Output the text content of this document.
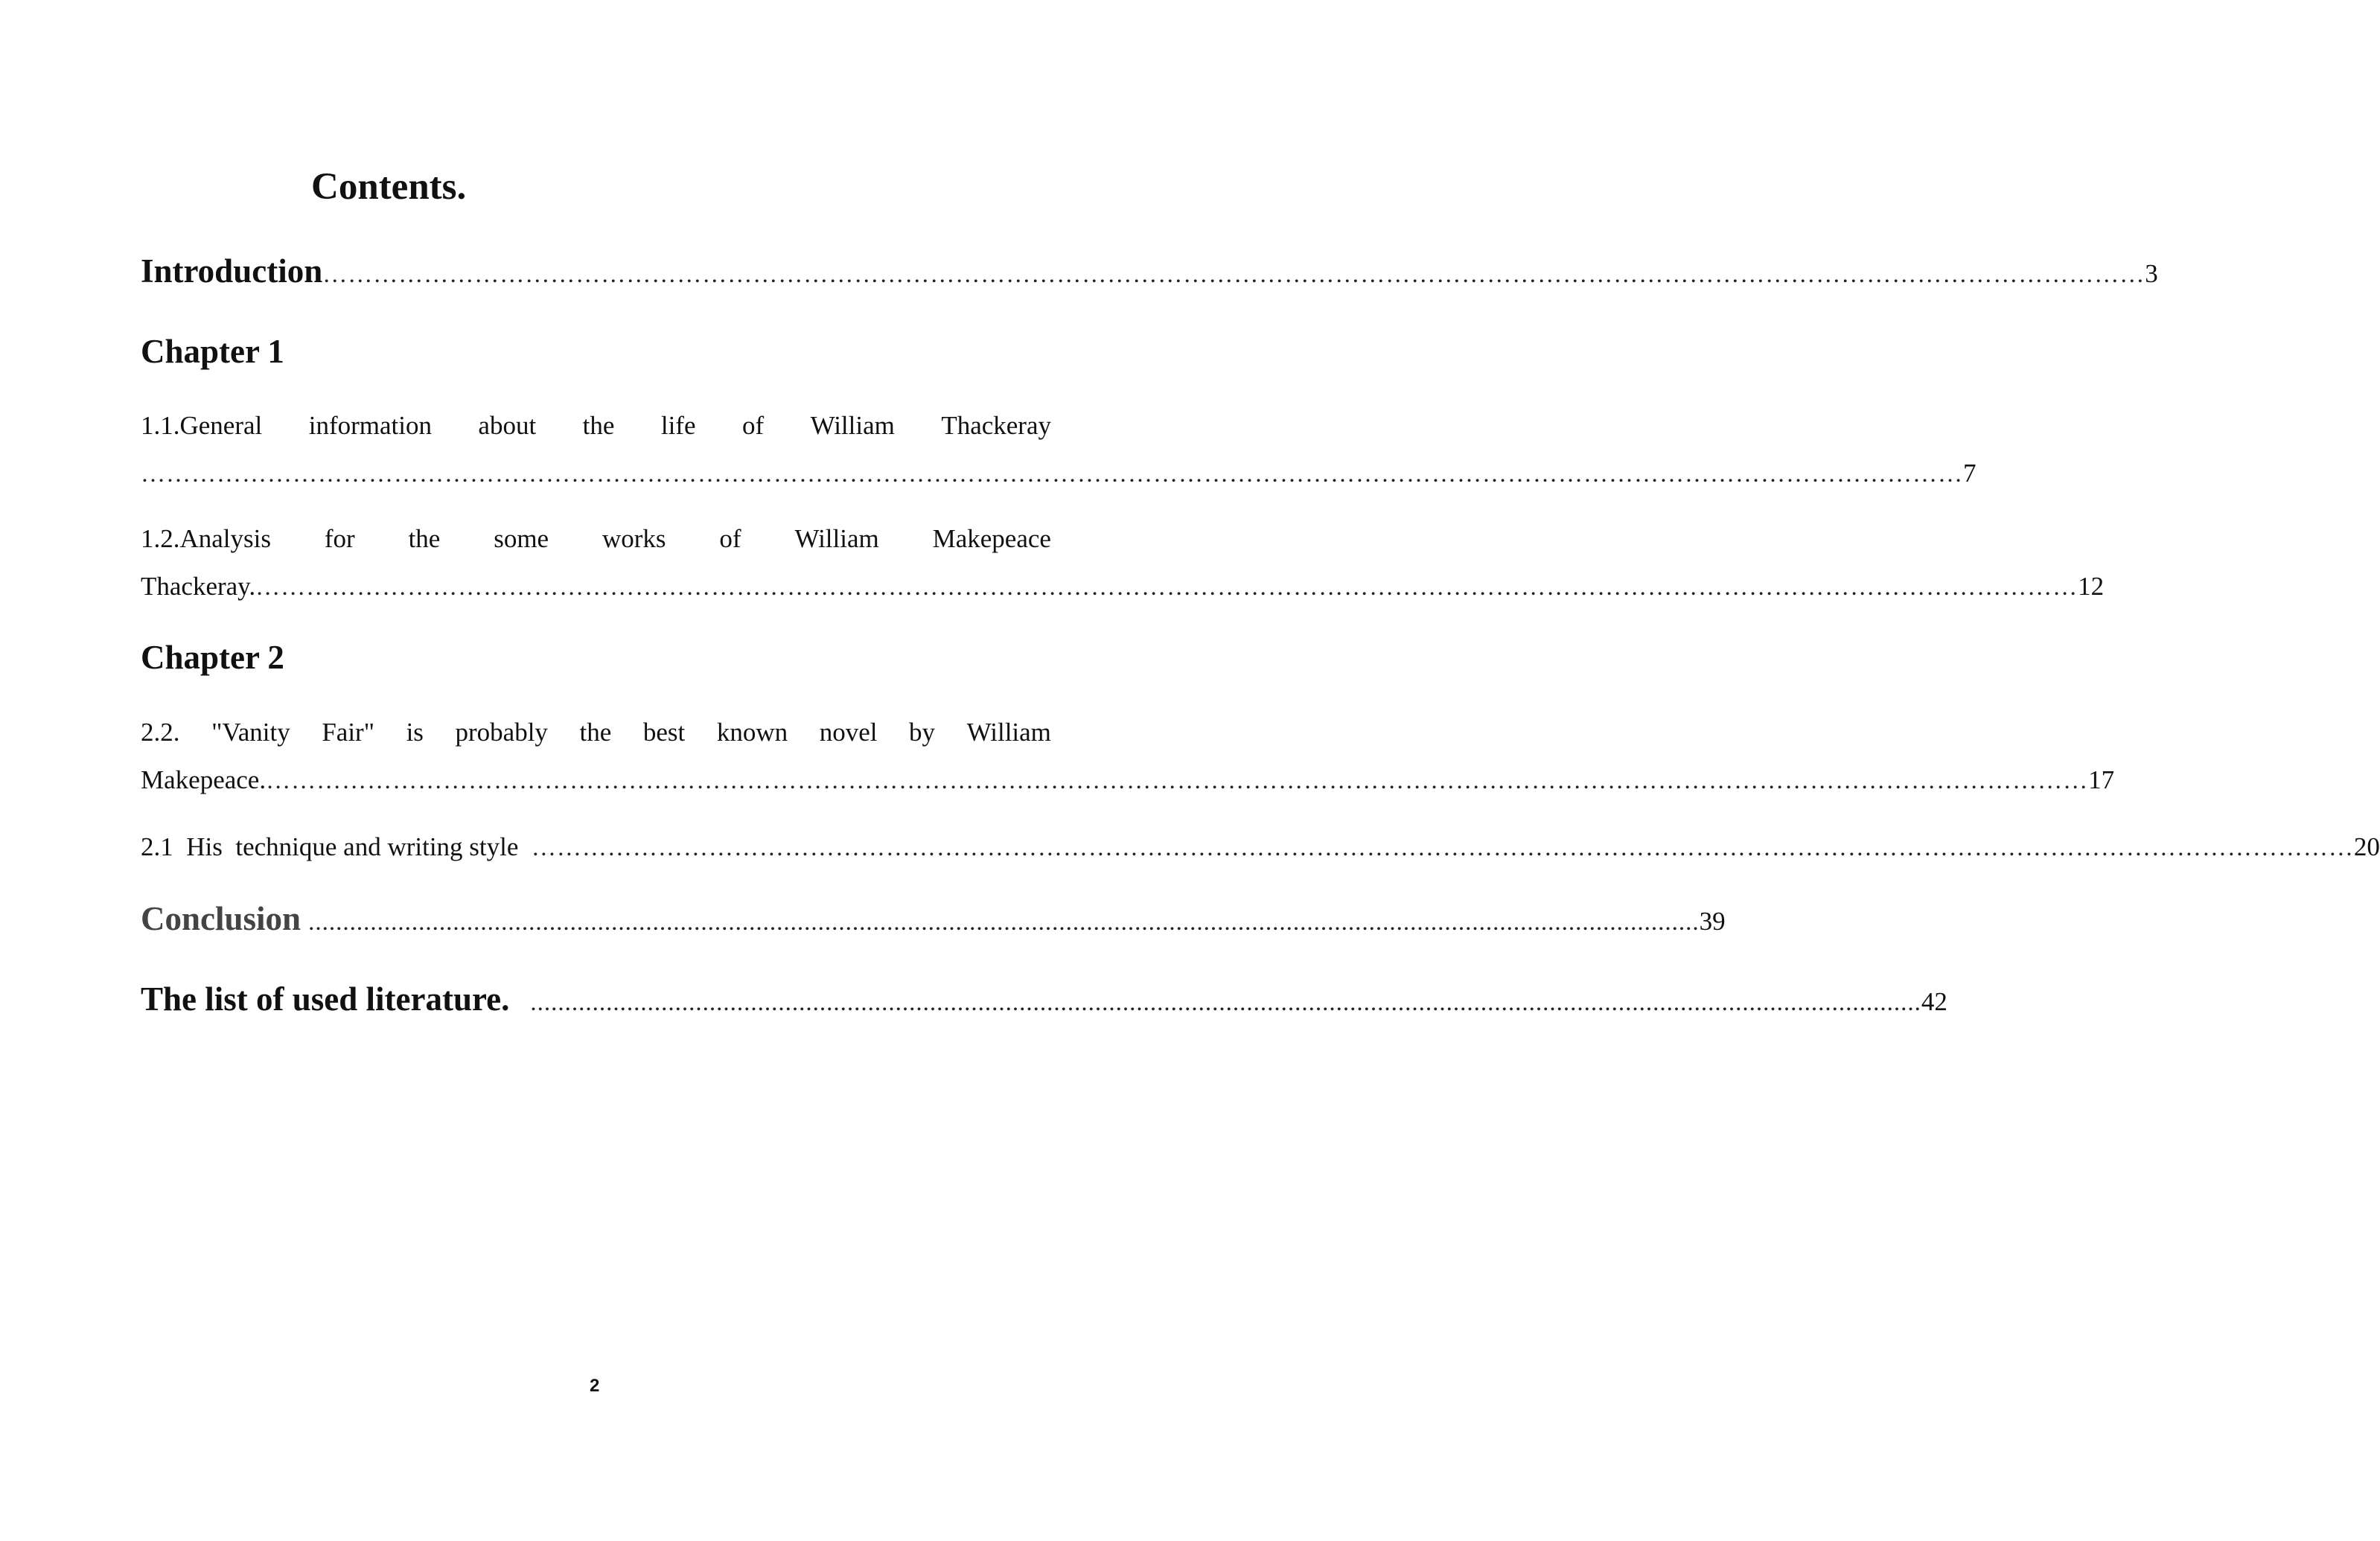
Contents.
Introduction ……………………………………………………………………………………………………………………………………………………………………………………………… 3
Chapter 1
1.1.General information about the life of William Thackeray
……………………………………………………………………………………………………………………………………………………………………………………………… 7
1.2.Analysis for the some works of William Makepeace
Thackeray. ……………………………………………………………………………………………………………………………………………………………………………………………… 12
Chapter 2
2.2. "Vanity Fair" is probably the best known novel by William
Makepeace. ……………………………………………………………………………………………………………………………………………………………………………………………… 17
2.1  His  technique and writing style ……………………………………………………………………………………………………………………………………………………………………………………………… 20
Conclusion .......................................................................................................................................................................................................... 39
The list of used literature. .......................................................................................................................................................................................................... 42
2
